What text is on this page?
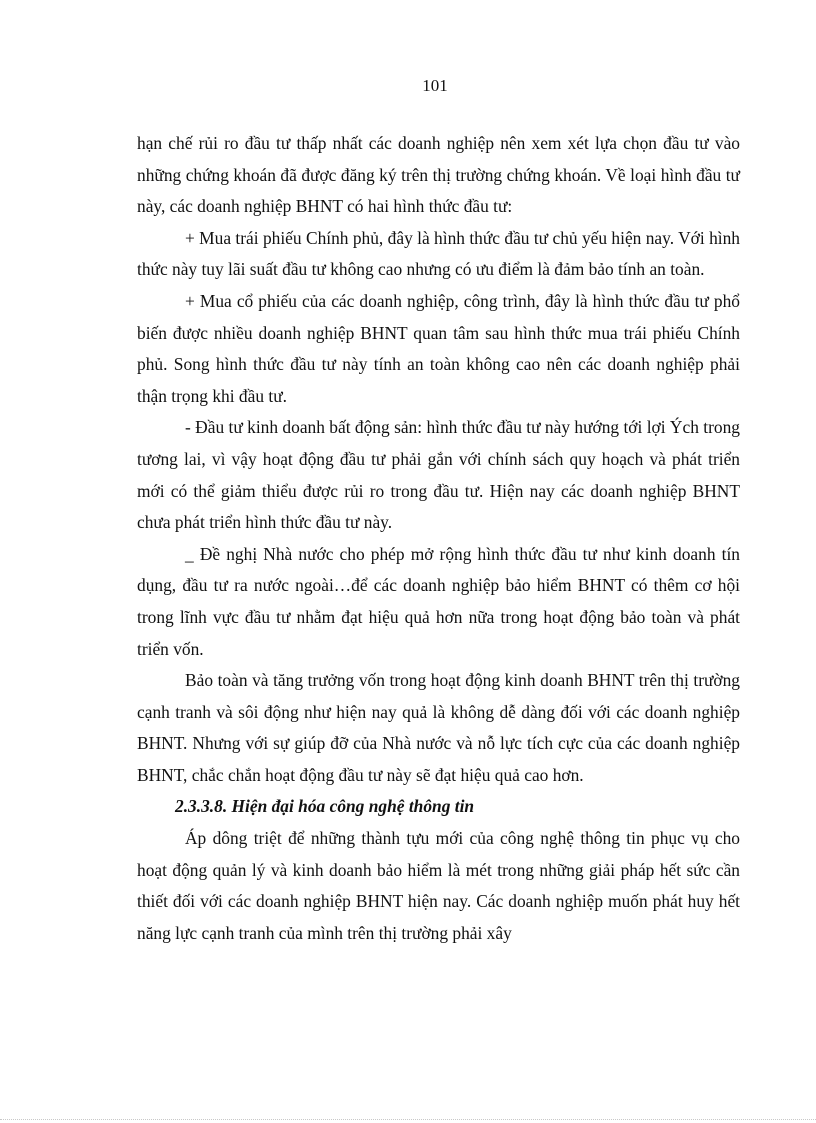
101

hạn chế rủi ro đầu tư thấp nhất các doanh nghiệp nên xem xét lựa chọn đầu tư vào những chứng khoán đã được đăng ký trên thị trường chứng khoán. Về loại hình đầu tư này, các doanh nghiệp BHNT có hai hình thức đầu tư:

+ Mua trái phiếu Chính phủ, đây là hình thức đầu tư chủ yếu hiện nay. Với hình thức này tuy lãi suất đầu tư không cao nhưng có ưu điểm là đảm bảo tính an toàn.

+ Mua cổ phiếu của các doanh nghiệp, công trình, đây là hình thức đầu tư phổ biến được nhiều doanh nghiệp BHNT quan tâm sau hình thức mua trái phiếu Chính phủ. Song hình thức đầu tư này tính an toàn không cao nên các doanh nghiệp phải thận trọng khi đầu tư.

- Đầu tư kinh doanh bất động sản: hình thức đầu tư này hướng tới lợi Ých trong tương lai, vì vậy hoạt động đầu tư phải gắn với chính sách quy hoạch và phát triển mới có thể giảm thiểu được rủi ro trong đầu tư. Hiện nay các doanh nghiệp BHNT chưa phát triển hình thức đầu tư này.

_ Đề nghị Nhà nước cho phép mở rộng hình thức đầu tư như kinh doanh tín dụng, đầu tư ra nước ngoài…để các doanh nghiệp bảo hiểm BHNT có thêm cơ hội trong lĩnh vực đầu tư nhằm đạt hiệu quả hơn nữa trong hoạt động bảo toàn và phát triển vốn.

Bảo toàn và tăng trưởng vốn trong hoạt động kinh doanh BHNT trên thị trường cạnh tranh và sôi động như hiện nay quả là không dễ dàng đối với các doanh nghiệp BHNT. Nhưng với sự giúp đỡ của Nhà nước và nỗ lực tích cực của các doanh nghiệp BHNT, chắc chắn hoạt động đầu tư này sẽ đạt hiệu quả cao hơn.

2.3.3.8. Hiện đại hóa công nghệ thông tin

Áp dông triệt để những thành tựu mới của công nghệ thông tin phục vụ cho hoạt động quản lý và kinh doanh bảo hiểm là mét trong những giải pháp hết sức cần thiết đối với các doanh nghiệp BHNT hiện nay. Các doanh nghiệp muốn phát huy hết năng lực cạnh tranh của mình trên thị trường phải xây
